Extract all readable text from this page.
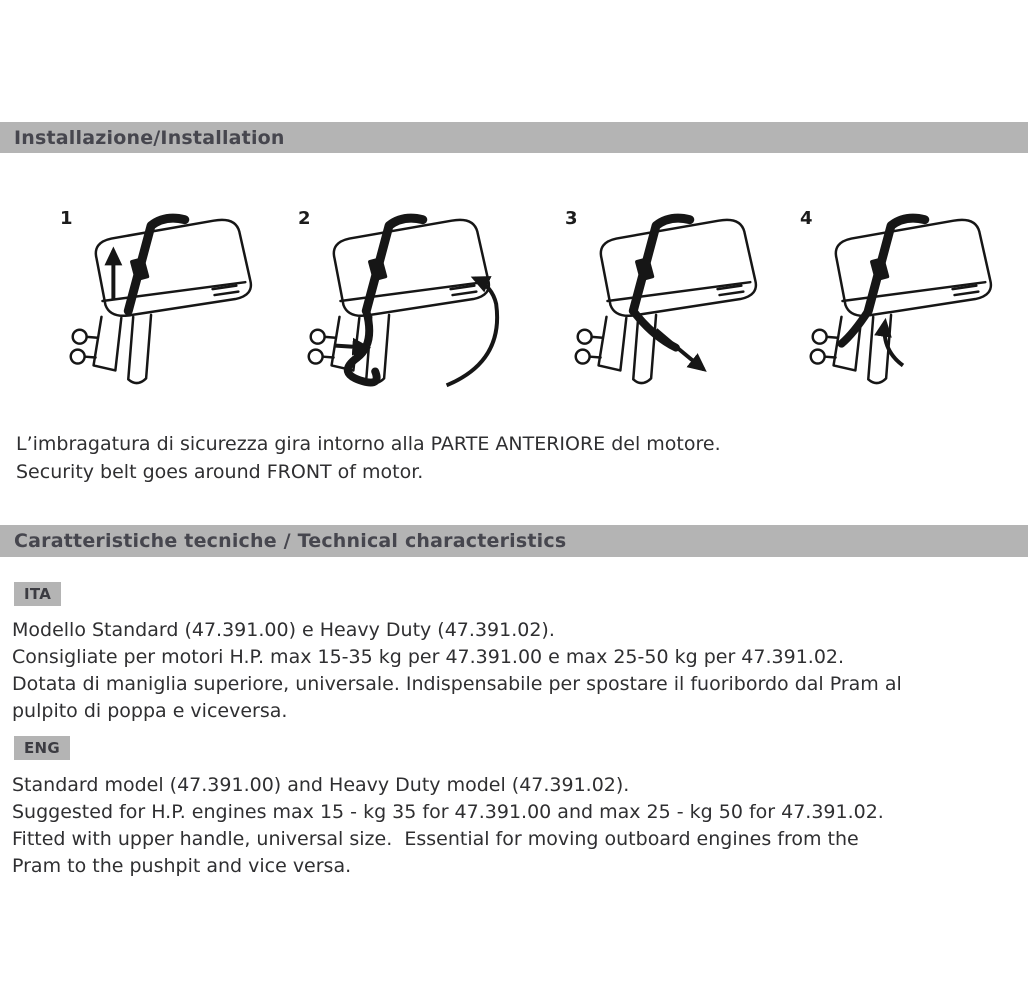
Installazione/Installation
1	2	3	4
L’imbragatura di sicurezza gira intorno alla PARTE ANTERIORE del motore.
Security belt goes around FRONT of motor.
Caratteristiche tecniche / Technical characteristics
ITA
Modello Standard (47.391.00) e Heavy Duty (47.391.02).
Consigliate per motori H.P. max 15-35 kg per 47.391.00 e max 25-50 kg per 47.391.02.
Dotata di maniglia superiore, universale. Indispensabile per spostare il fuoribordo dal Pram al
pulpito di poppa e viceversa.
ENG
Standard model (47.391.00) and Heavy Duty model (47.391.02).
Suggested for H.P. engines max 15 - kg 35 for 47.391.00 and max 25 - kg 50 for 47.391.02.
Fitted with upper handle, universal size.  Essential for moving outboard engines from the
Pram to the pushpit and vice versa.
